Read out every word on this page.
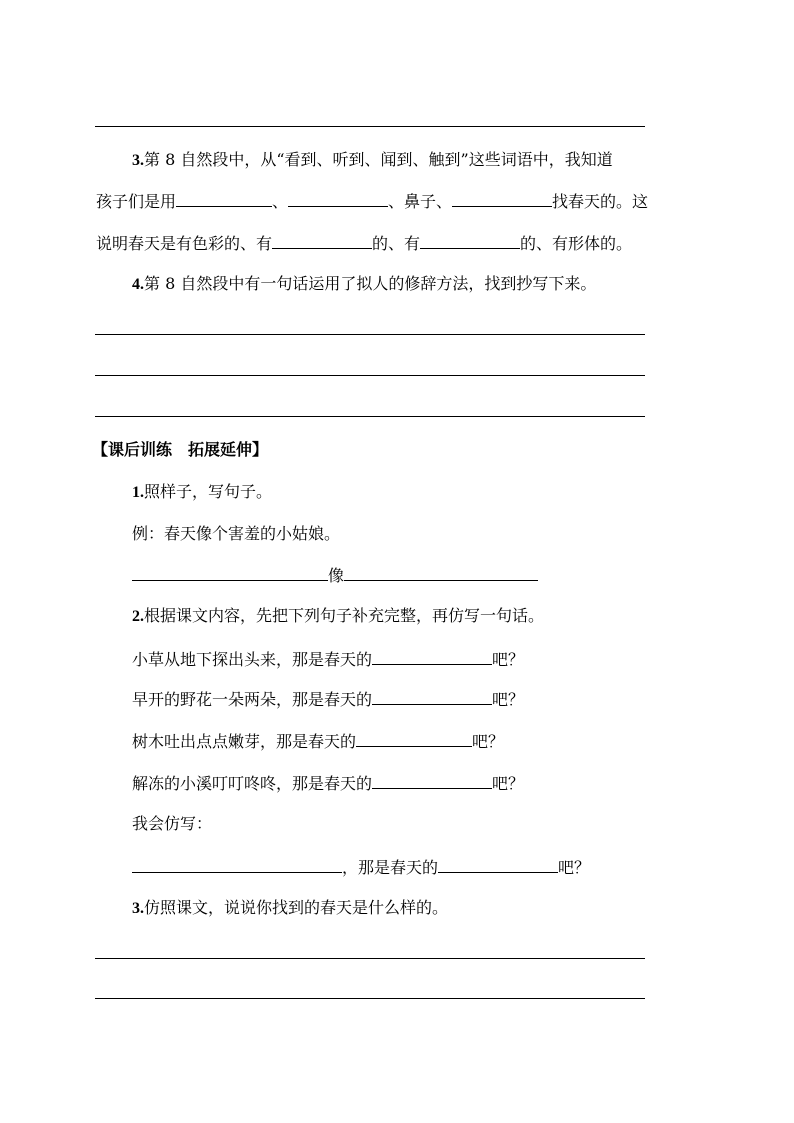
3.第 8 自然段中，从“看到、听到、闻到、触到”这些词语中，我知道
孩子们是用	、	、鼻子、	找春天的。这
说明春天是有色彩的、有	的、有	的、有形体的。
4.第 8 自然段中有一句话运用了拟人的修辞方法，找到抄写下来。
【课后训练　拓展延伸】
1.照样子，写句子。
例：春天像个害羞的小姑娘。
像
2.根据课文内容，先把下列句子补充完整，再仿写一句话。
小草从地下探出头来，那是春天的	吧？
早开的野花一朵两朵，那是春天的	吧？
树木吐出点点嫩芽，那是春天的	吧？
解冻的小溪叮叮咚咚，那是春天的	吧？
我会仿写：
，那是春天的	吧？
3.仿照课文，说说你找到的春天是什么样的。
